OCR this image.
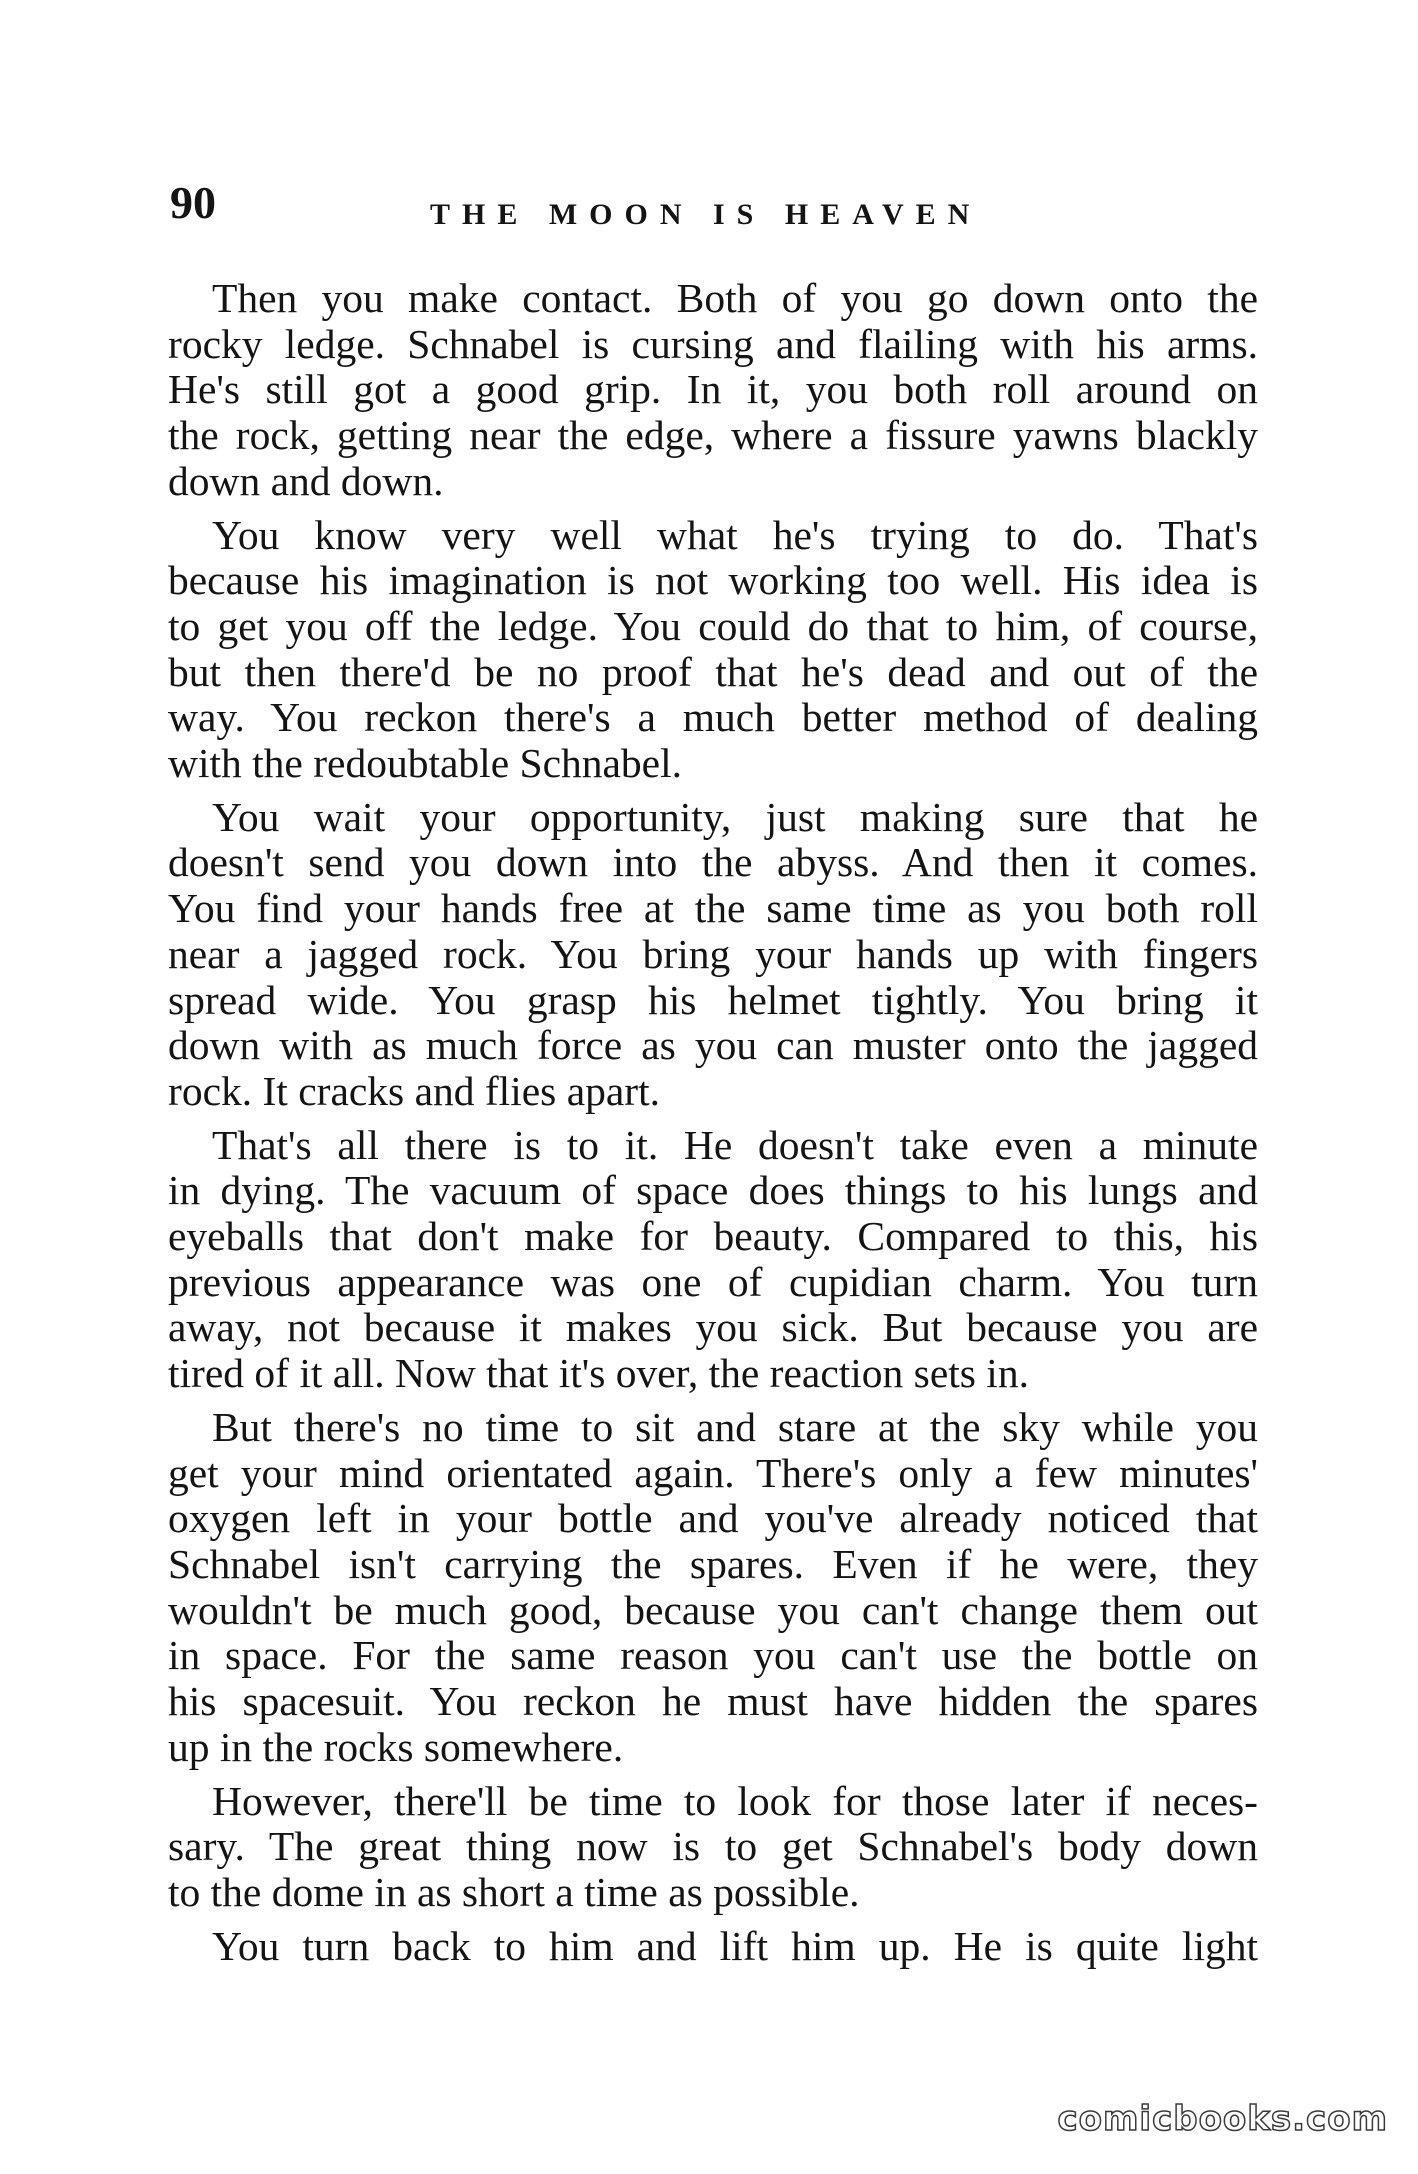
90	THE MOON IS HEAVEN
Then you make contact. Both of you go down onto the
rocky ledge. Schnabel is cursing and flailing with his arms.
He's still got a good grip. In it, you both roll around on
the rock, getting near the edge, where a fissure yawns blackly
down and down.
You know very well what he's trying to do. That's
because his imagination is not working too well. His idea is
to get you off the ledge. You could do that to him, of course,
but then there'd be no proof that he's dead and out of the
way. You reckon there's a much better method of dealing
with the redoubtable Schnabel.
You wait your opportunity, just making sure that he
doesn't send you down into the abyss. And then it comes.
You find your hands free at the same time as you both roll
near a jagged rock. You bring your hands up with fingers
spread wide. You grasp his helmet tightly. You bring it
down with as much force as you can muster onto the jagged
rock. It cracks and flies apart.
That's all there is to it. He doesn't take even a minute
in dying. The vacuum of space does things to his lungs and
eyeballs that don't make for beauty. Compared to this, his
previous appearance was one of cupidian charm. You turn
away, not because it makes you sick. But because you are
tired of it all. Now that it's over, the reaction sets in.
But there's no time to sit and stare at the sky while you
get your mind orientated again. There's only a few minutes'
oxygen left in your bottle and you've already noticed that
Schnabel isn't carrying the spares. Even if he were, they
wouldn't be much good, because you can't change them out
in space. For the same reason you can't use the bottle on
his spacesuit. You reckon he must have hidden the spares
up in the rocks somewhere.
However, there'll be time to look for those later if neces-
sary. The great thing now is to get Schnabel's body down
to the dome in as short a time as possible.
You turn back to him and lift him up. He is quite light
comicbooks.com
